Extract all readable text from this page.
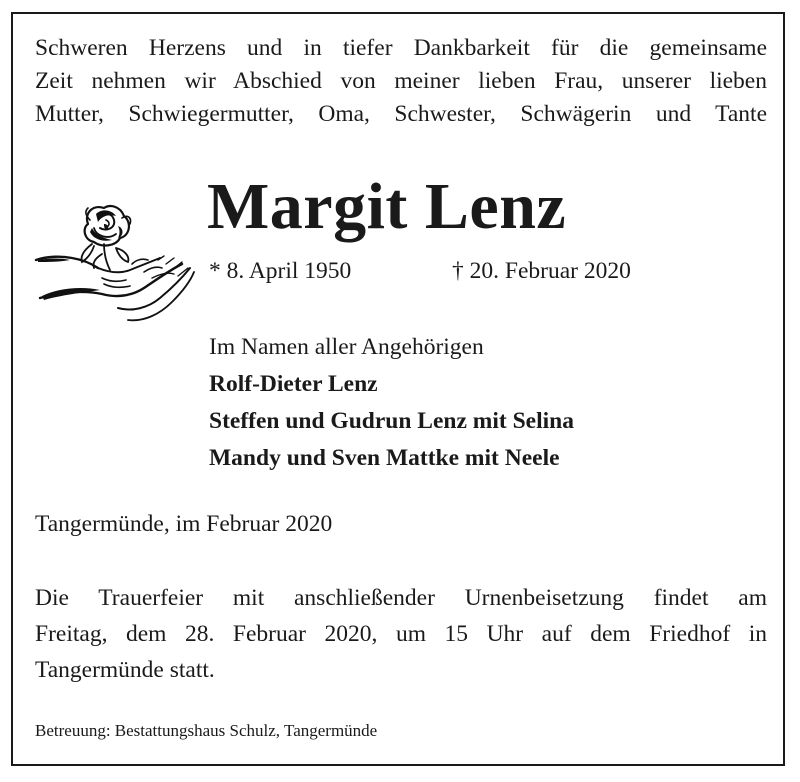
Schweren Herzens und in tiefer Dankbarkeit für die gemeinsame
Zeit nehmen wir Abschied von meiner lieben Frau, unserer lieben
Mutter, Schwiegermutter, Oma, Schwester, Schwägerin und Tante
Margit Lenz
* 8. April 1950	† 20. Februar 2020
Im Namen aller Angehörigen
Rolf-Dieter Lenz
Steffen und Gudrun Lenz mit Selina
Mandy und Sven Mattke mit Neele
Tangermünde, im Februar 2020
Die Trauerfeier mit anschließender Urnenbeisetzung findet am
Freitag, dem 28. Februar 2020, um 15 Uhr auf dem Friedhof in
Tangermünde statt.
Betreuung: Bestattungshaus Schulz, Tangermünde
